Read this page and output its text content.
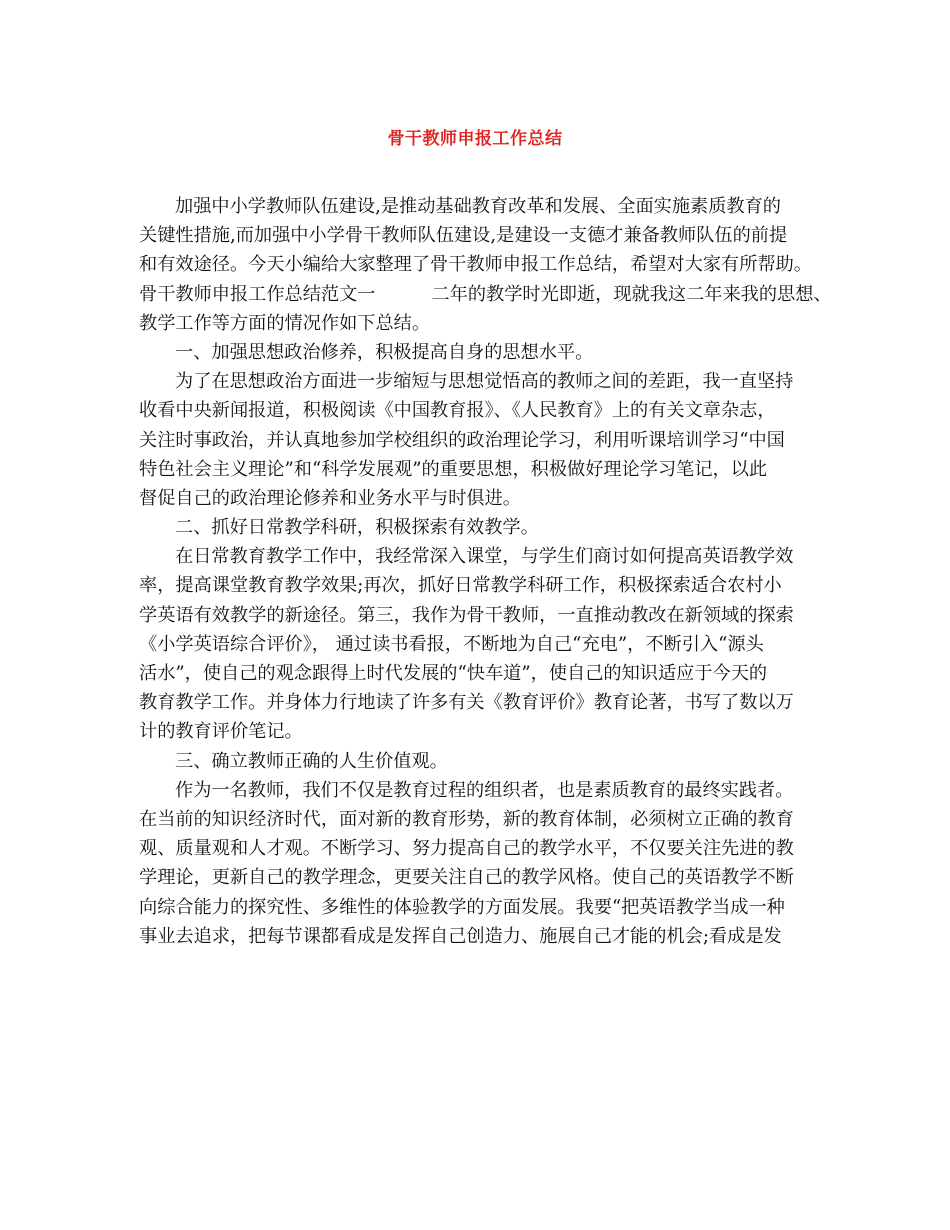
骨干教师申报工作总结
加强中小学教师队伍建设,是推动基础教育改革和发展、全面实施素质教育的
关键性措施,而加强中小学骨干教师队伍建设,是建设一支德才兼备教师队伍的前提
和有效途径。今天小编给大家整理了骨干教师申报工作总结，希望对大家有所帮助。
骨干教师申报工作总结范文一	二年的教学时光即逝，现就我这二年来我的思想、
教学工作等方面的情况作如下总结。
一、加强思想政治修养，积极提高自身的思想水平。
为了在思想政治方面进一步缩短与思想觉悟高的教师之间的差距，我一直坚持
收看中央新闻报道，积极阅读《中国教育报》、《人民教育》上的有关文章杂志，
关注时事政治，并认真地参加学校组织的政治理论学习，利用听课培训学习“中国
特色社会主义理论”和“科学发展观”的重要思想，积极做好理论学习笔记，以此
督促自己的政治理论修养和业务水平与时俱进。
二、抓好日常教学科研，积极探索有效教学。
在日常教育教学工作中，我经常深入课堂，与学生们商讨如何提高英语教学效
率，提高课堂教育教学效果;再次，抓好日常教学科研工作，积极探索适合农村小
学英语有效教学的新途径。第三，我作为骨干教师，一直推动教改在新领域的探索
《小学英语综合评价》， 通过读书看报，不断地为自己“充电”，不断引入“源头
活水”，使自己的观念跟得上时代发展的“快车道”，使自己的知识适应于今天的
教育教学工作。并身体力行地读了许多有关《教育评价》教育论著，书写了数以万
计的教育评价笔记。
三、确立教师正确的人生价值观。
作为一名教师，我们不仅是教育过程的组织者，也是素质教育的最终实践者。
在当前的知识经济时代，面对新的教育形势，新的教育体制，必须树立正确的教育
观、质量观和人才观。不断学习、努力提高自己的教学水平，不仅要关注先进的教
学理论，更新自己的教学理念，更要关注自己的教学风格。使自己的英语教学不断
向综合能力的探究性、多维性的体验教学的方面发展。我要“把英语教学当成一种
事业去追求，把每节课都看成是发挥自己创造力、施展自己才能的机会;看成是发
